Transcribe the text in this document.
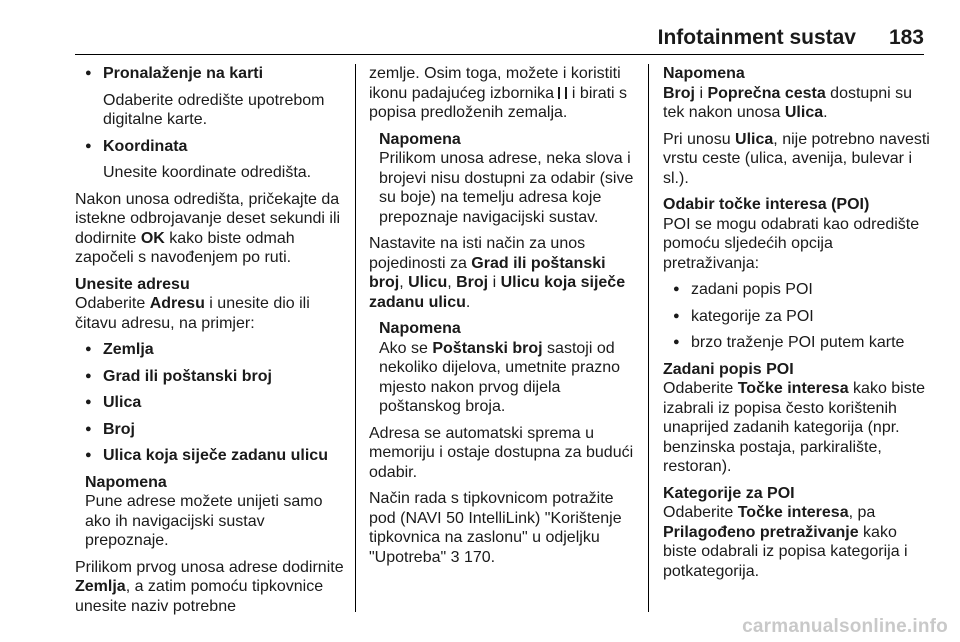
Infotainment sustav 183
● Pronalaženje na karti
Odaberite odredište upotrebom digitalne karte.
● Koordinata
Unesite koordinate odredišta.

Nakon unosa odredišta, pričekajte da istekne odbrojavanje deset sekundi ili dodirnite OK kako biste odmah započeli s navođenjem po ruti.

Unesite adresu

Odaberite Adresu i unesite dio ili čitavu adresu, na primjer:

● Zemlja
● Grad ili poštanski broj
● Ulica
● Broj
● Ulica koja siječe zadanu ulicu
Napomena
Pune adrese možete unijeti samo ako ih navigacijski sustav prepoznaje.

Prilikom prvog unosa adrese dodirnite Zemlja, a zatim pomoću tipkovnice unesite naziv potrebne

zemlje. Osim toga, možete i koristiti ikonu padajućeg izbornika  i birati s popisa predloženih zemalja.

Napomena
Prilikom unosa adrese, neka slova i brojevi nisu dostupni za odabir (sive su boje) na temelju adresa koje prepoznaje navigacijski sustav.

Nastavite na isti način za unos pojedinosti za Grad ili poštanski broj, Ulicu, Broj i Ulicu koja siječe zadanu ulicu.

Napomena
Ako se Poštanski broj sastoji od nekoliko dijelova, umetnite prazno mjesto nakon prvog dijela poštanskog broja.

Adresa se automatski sprema u memoriju i ostaje dostupna za budući odabir.

Način rada s tipkovnicom potražite pod (NAVI 50 IntelliLink) "Korištenje tipkovnica na zaslonu" u odjeljku "Upotreba" 3 170.

Napomena

Broj i Poprečna cesta dostupni su tek nakon unosa Ulica.

Pri unosu Ulica, nije potrebno navesti vrstu ceste (ulica, avenija, bulevar i sl.).

Odabir točke interesa (POI)

POI se mogu odabrati kao odredište pomoću sljedećih opcija pretraživanja:

● zadani popis POI
● kategorije za POI
● brzo traženje POI putem karte
Zadani popis POI

Odaberite Točke interesa kako biste izabrali iz popisa često korištenih unaprijed zadanih kategorija (npr. benzinska postaja, parkiralište, restoran).

Kategorije za POI

Odaberite Točke interesa, pa Prilagođeno pretraživanje kako biste odabrali iz popisa kategorija i potkategorija.

carmanualsonline.info
